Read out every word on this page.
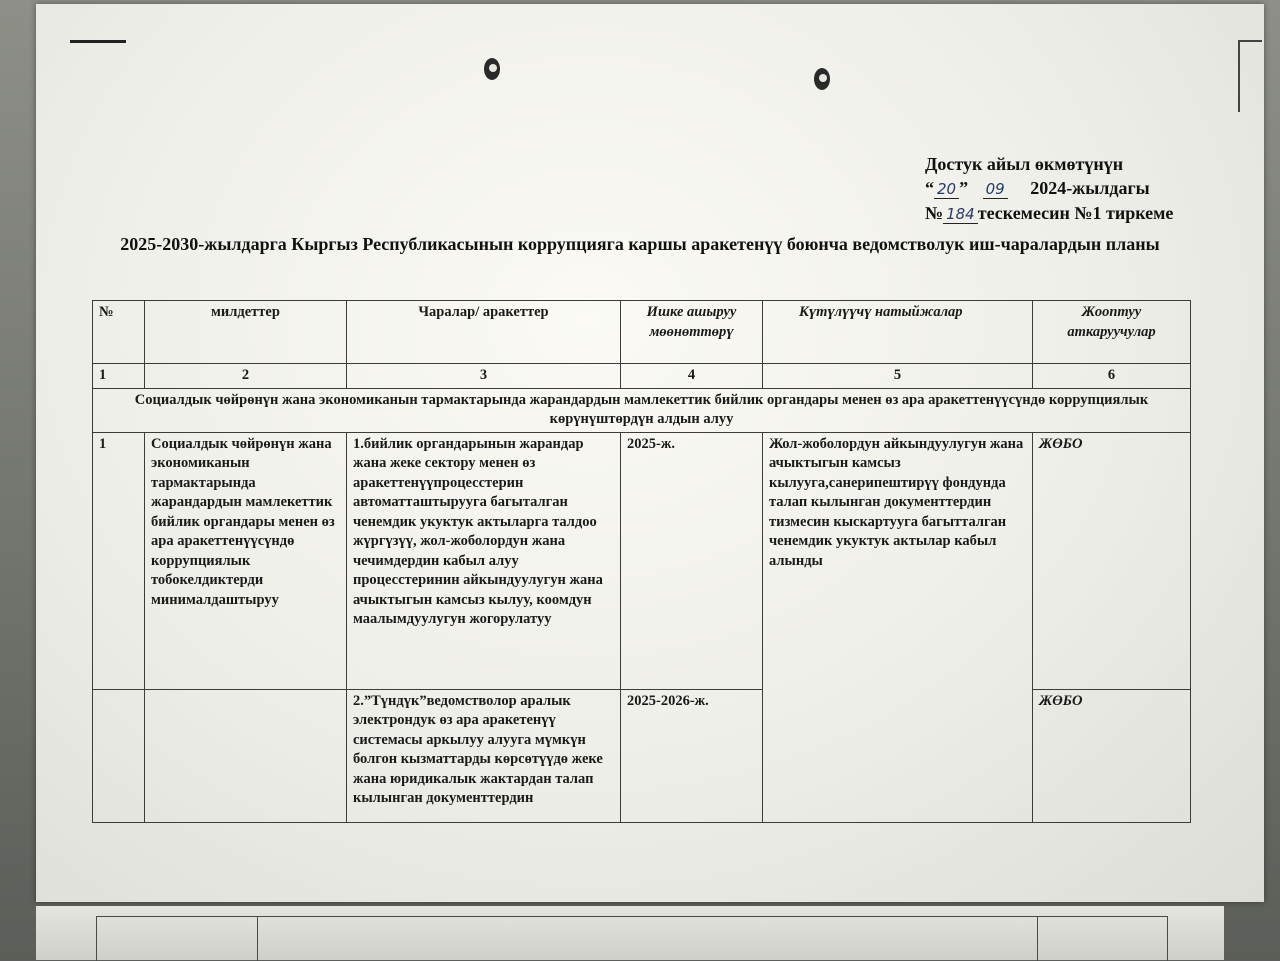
Достук айыл өкмөтүнүн
“ 20 ” 09 2024-жылдагы
№ 184 тескемесин №1 тиркеме
2025-2030-жылдарга Кыргыз Республикасынын коррупцияга каршы аракетенүү боюнча ведомстволук иш-чаралардын планы
№	милдеттер	Чаралар/ аракеттер	Ишке ашыруу мөөнөттөрү	Күтүлүүчү натыйжалар	Жооптуу аткаруучулар
1	2	3	4	5	6
Социалдык чөйрөнүн жана экономиканын тармактарында жарандардын мамлекеттик бийлик органдары менен өз ара аракеттенүүсүндө коррупциялык көрүнүштөрдүн алдын алуу					
1	Социалдык чөйрөнүн жана экономиканын тармактарында жарандардын мамлекеттик бийлик органдары менен өз ара аракеттенүүсүндө коррупциялык тобокелдиктерди минималдаштыруу	1.бийлик органдарынын жарандар жана жеке сектору менен өз аракеттенүүпроцесстерин автоматташтырууга багыталган ченемдик укуктук актыларга талдоо жүргүзүү, жол-жоболордун жана чечимдердин кабыл алуу процесстеринин айкындуулугун жана ачыктыгын камсыз кылуу, коомдун маалымдуулугун жогорулатуу	2025-ж.	Жол-жоболордун айкындуулугун жана ачыктыгын камсыз кылууга,санерипештирүү фондунда талап кылынган документтердин тизмесин кыскартууга багытталган ченемдик укуктук актылар кабыл алынды	ЖӨБО
		2.”Түндүк”ведомстволор аралык электрондук өз ара аракетенүү системасы аркылуу алууга мүмкүн болгон кызматтарды көрсөтүүдө жеке жана юридикалык жактардан талап кылынган документтердин	2025-2026-ж.		ЖӨБО
